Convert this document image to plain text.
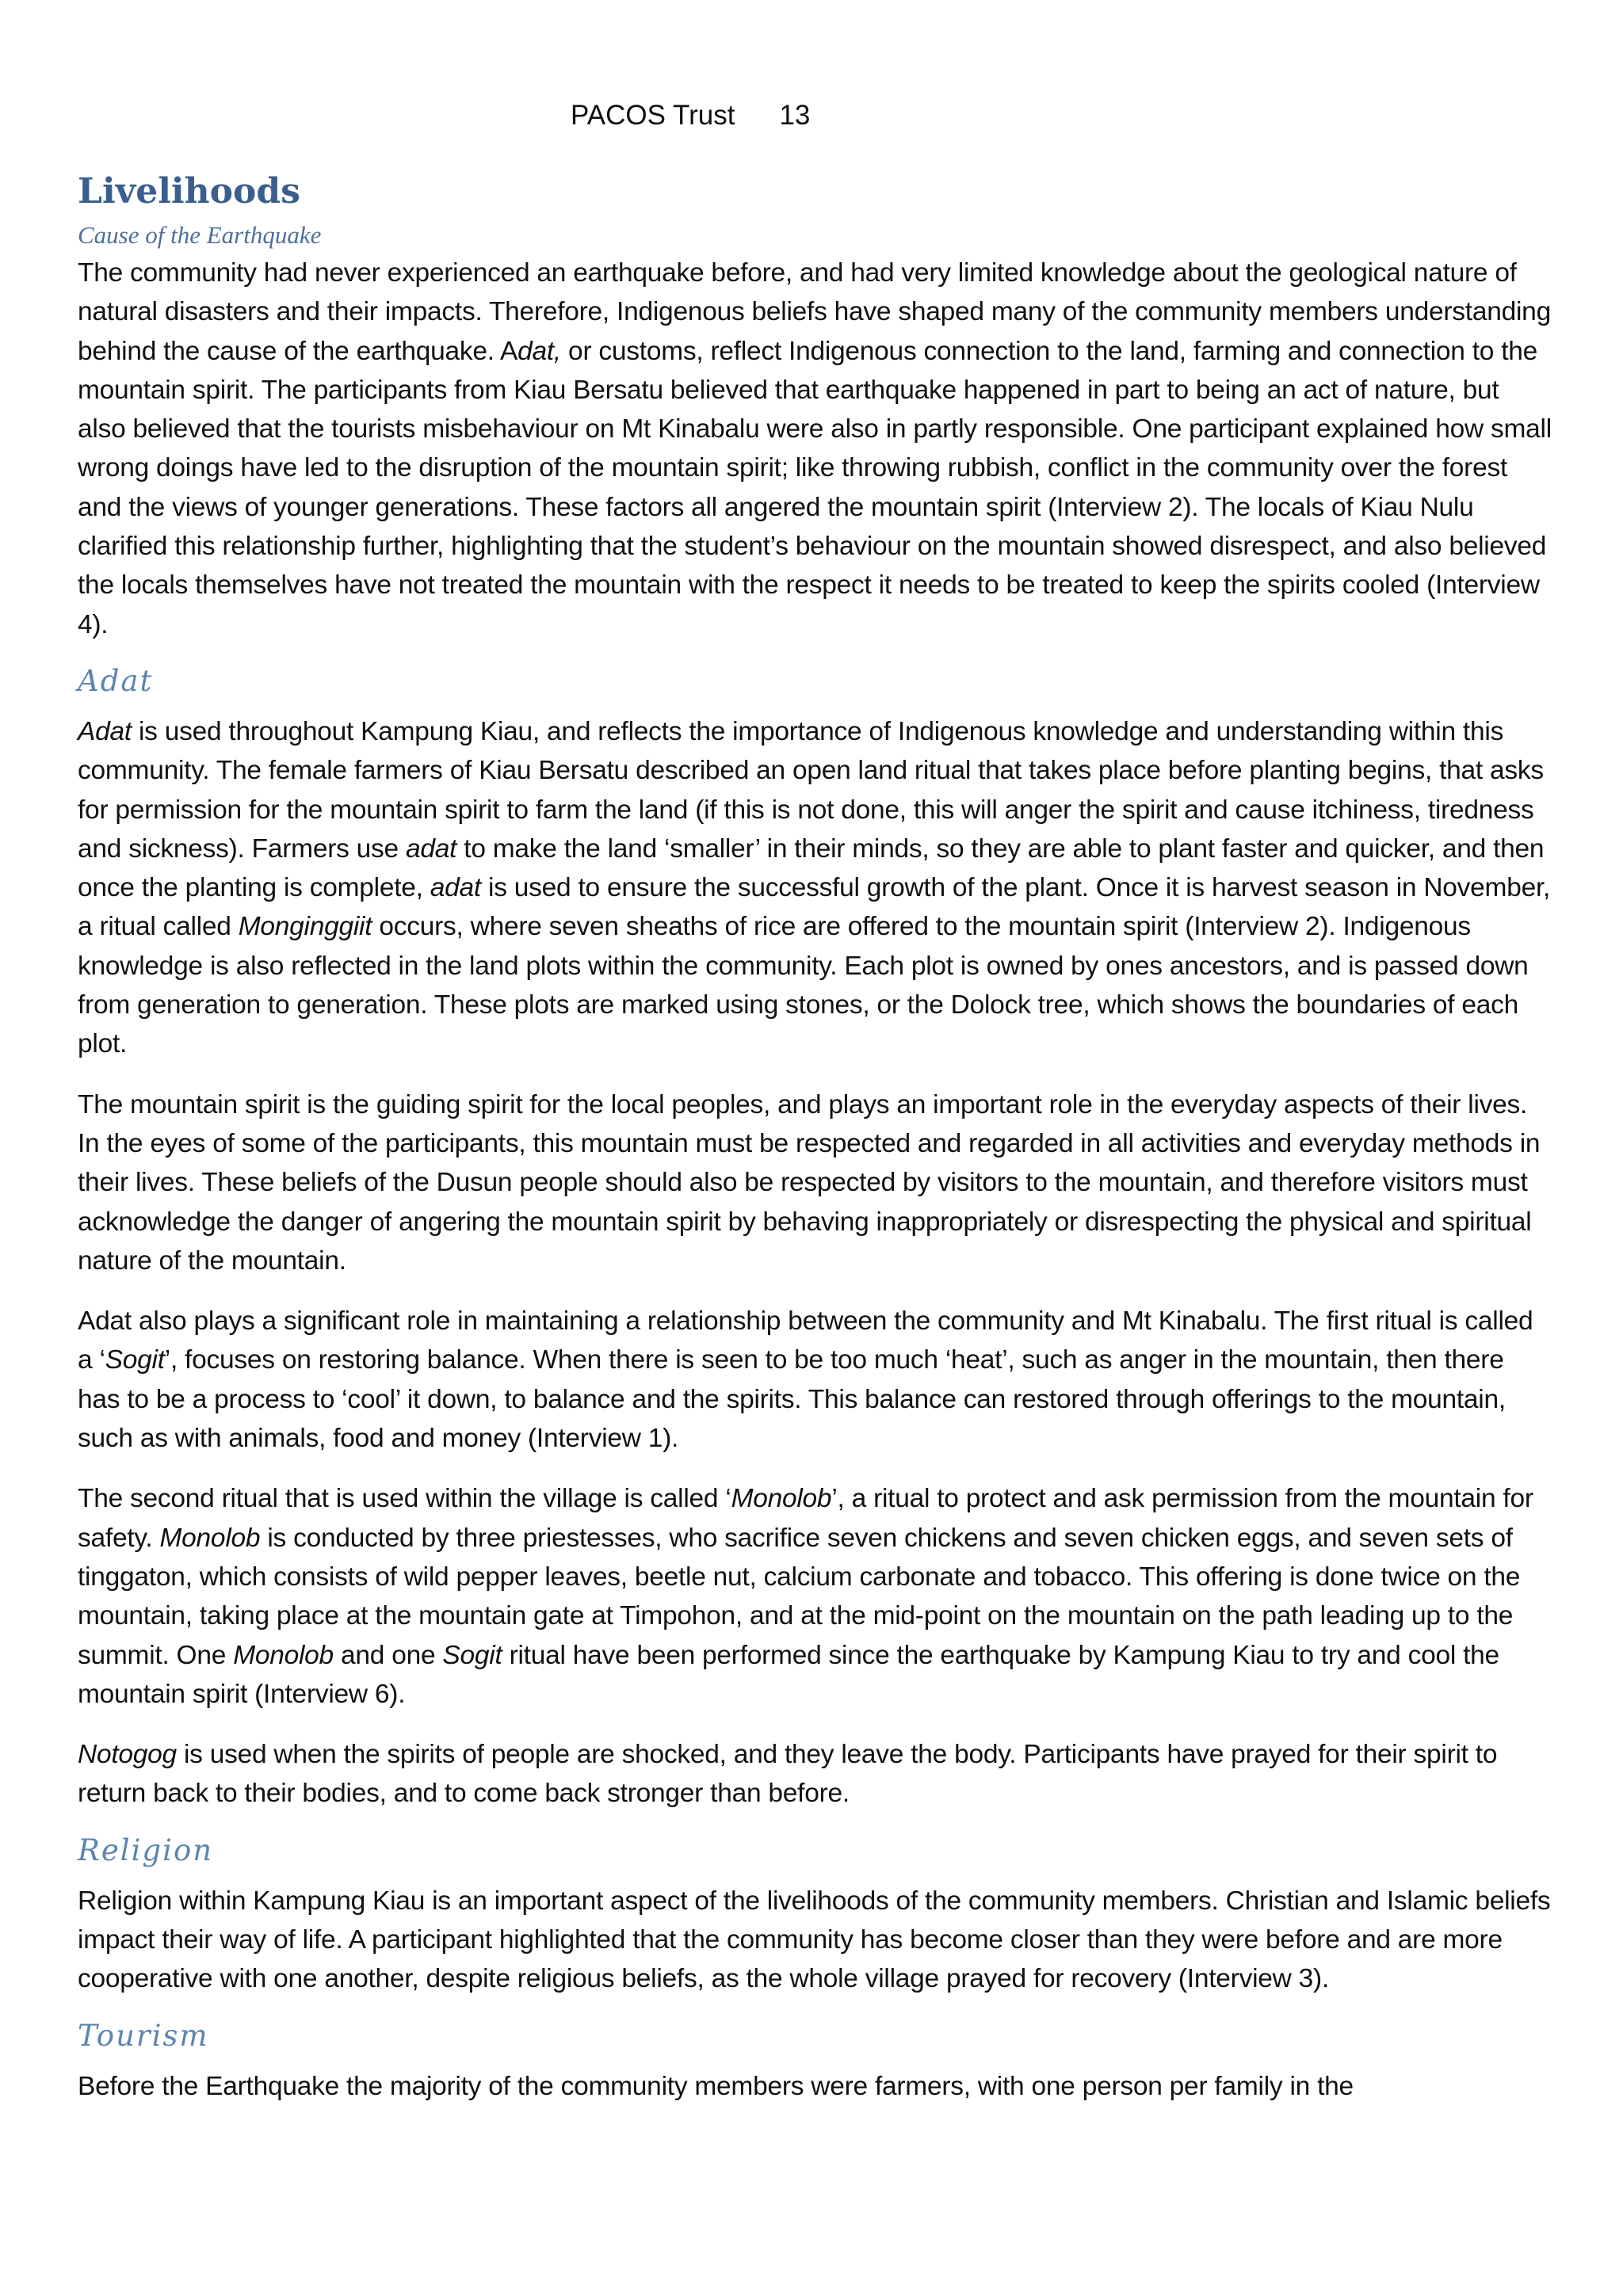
PACOS Trust 13
Livelihoods
Cause of the Earthquake

The community had never experienced an earthquake before, and had very limited knowledge about the geological nature of natural disasters and their impacts. Therefore, Indigenous beliefs have shaped many of the community members understanding behind the cause of the earthquake. Adat, or customs, reflect Indigenous connection to the land, farming and connection to the mountain spirit. The participants from Kiau Bersatu believed that earthquake happened in part to being an act of nature, but also believed that the tourists misbehaviour on Mt Kinabalu were also in partly responsible. One participant explained how small wrong doings have led to the disruption of the mountain spirit; like throwing rubbish, conflict in the community over the forest and the views of younger generations. These factors all angered the mountain spirit (Interview 2). The locals of Kiau Nulu clarified this relationship further, highlighting that the student’s behaviour on the mountain showed disrespect, and also believed the locals themselves have not treated the mountain with the respect it needs to be treated to keep the spirits cooled (Interview 4).

Adat

Adat is used throughout Kampung Kiau, and reflects the importance of Indigenous knowledge and understanding within this community. The female farmers of Kiau Bersatu described an open land ritual that takes place before planting begins, that asks for permission for the mountain spirit to farm the land (if this is not done, this will anger the spirit and cause itchiness, tiredness and sickness). Farmers use adat to make the land ‘smaller’ in their minds, so they are able to plant faster and quicker, and then once the planting is complete, adat is used to ensure the successful growth of the plant. Once it is harvest season in November, a ritual called Monginggiit occurs, where seven sheaths of rice are offered to the mountain spirit (Interview 2). Indigenous knowledge is also reflected in the land plots within the community. Each plot is owned by ones ancestors, and is passed down from generation to generation. These plots are marked using stones, or the Dolock tree, which shows the boundaries of each plot.

The mountain spirit is the guiding spirit for the local peoples, and plays an important role in the everyday aspects of their lives. In the eyes of some of the participants, this mountain must be respected and regarded in all activities and everyday methods in their lives. These beliefs of the Dusun people should also be respected by visitors to the mountain, and therefore visitors must acknowledge the danger of angering the mountain spirit by behaving inappropriately or disrespecting the physical and spiritual nature of the mountain.

Adat also plays a significant role in maintaining a relationship between the community and Mt Kinabalu. The first ritual is called a ‘Sogit’, focuses on restoring balance. When there is seen to be too much ‘heat’, such as anger in the mountain, then there has to be a process to ‘cool’ it down, to balance and the spirits. This balance can restored through offerings to the mountain, such as with animals, food and money (Interview 1).

The second ritual that is used within the village is called ‘Monolob’, a ritual to protect and ask permission from the mountain for safety. Monolob is conducted by three priestesses, who sacrifice seven chickens and seven chicken eggs, and seven sets of tinggaton, which consists of wild pepper leaves, beetle nut, calcium carbonate and tobacco. This offering is done twice on the mountain, taking place at the mountain gate at Timpohon, and at the mid-point on the mountain on the path leading up to the summit. One Monolob and one Sogit ritual have been performed since the earthquake by Kampung Kiau to try and cool the mountain spirit (Interview 6).

Notogog is used when the spirits of people are shocked, and they leave the body. Participants have prayed for their spirit to return back to their bodies, and to come back stronger than before.

Religion

Religion within Kampung Kiau is an important aspect of the livelihoods of the community members. Christian and Islamic beliefs impact their way of life. A participant highlighted that the community has become closer than they were before and are more cooperative with one another, despite religious beliefs, as the whole village prayed for recovery (Interview 3).

Tourism

Before the Earthquake the majority of the community members were farmers, with one person per family in the
